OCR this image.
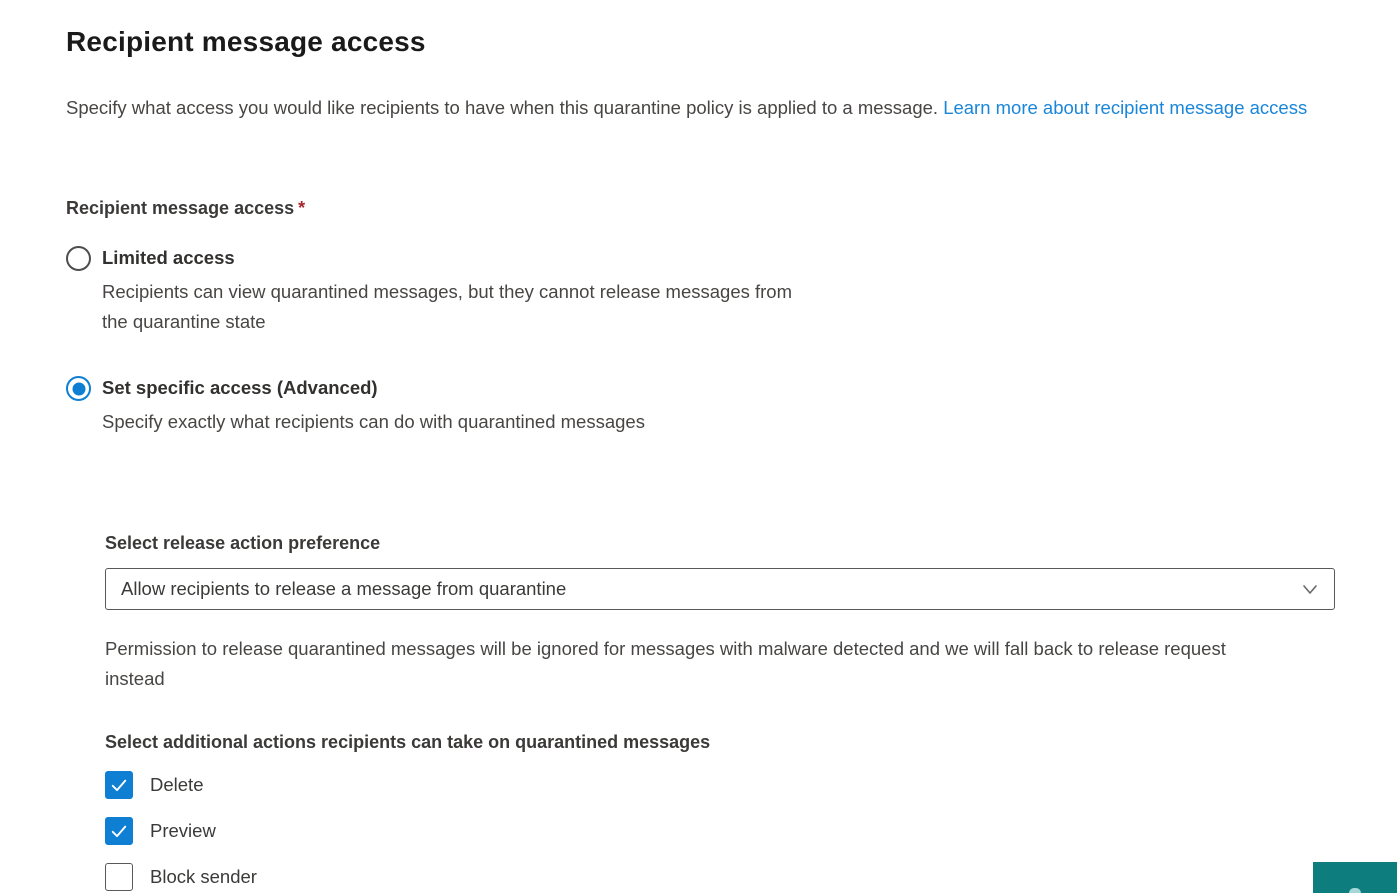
Recipient message access

Specify what access you would like recipients to have when this quarantine policy is applied to a message. Learn more about recipient message access

Recipient message access *
Limited access
Recipients can view quarantined messages, but they cannot release messages from the quarantine state
Set specific access (Advanced)
Specify exactly what recipients can do with quarantined messages
Select release action preference
Allow recipients to release a message from quarantine

Permission to release quarantined messages will be ignored for messages with malware detected and we will fall back to release request instead

Select additional actions recipients can take on quarantined messages
Delete
Preview
Block sender
